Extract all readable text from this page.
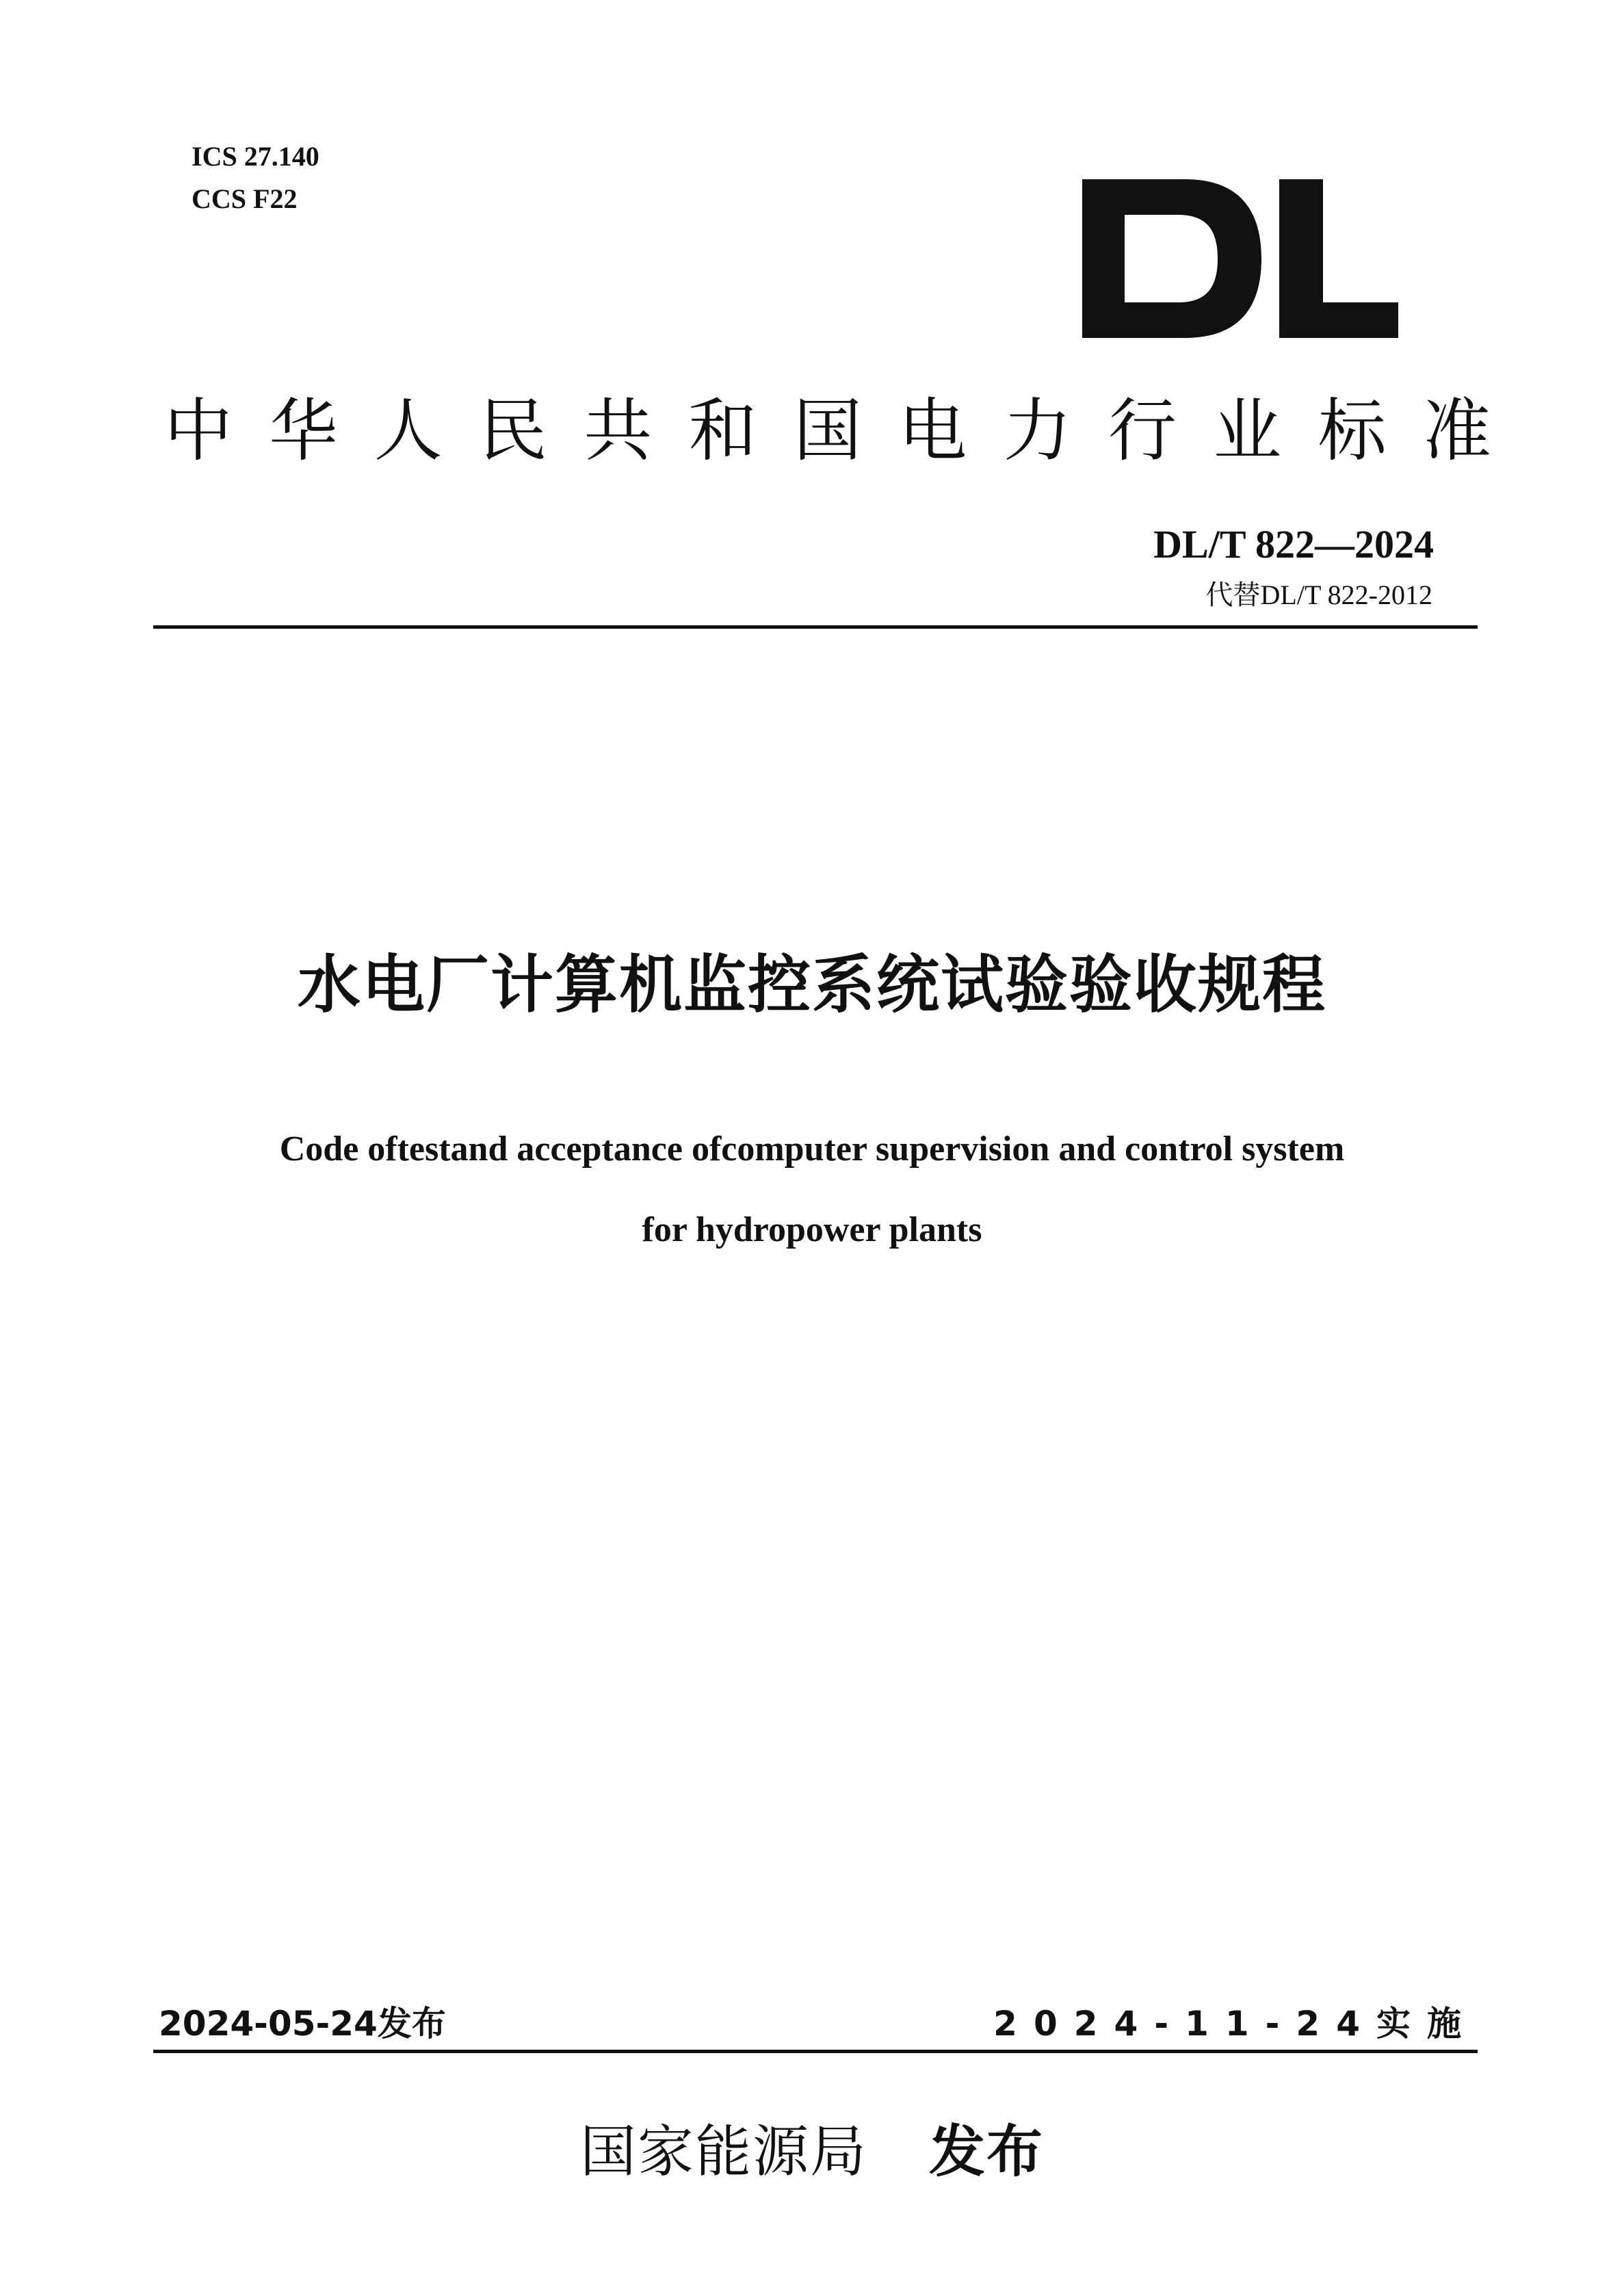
ICS 27.140
CCS F22
中 华 人 民 共 和 国 电 力 行 业 标 准
DL/T 822—2024
代替DL/T 822-2012
水电厂计算机监控系统试验验收规程
Code oftestand acceptance ofcomputer supervision and control system
for hydropower plants
2024-05-24发布	2024-11-24实施
国家能源局 发布
